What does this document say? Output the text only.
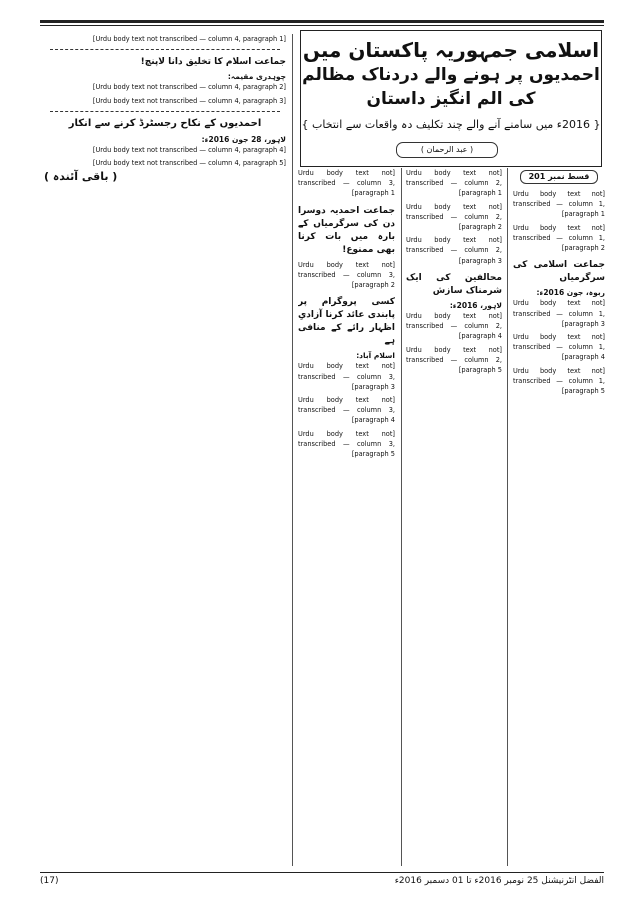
قسط نمبر 201

[Urdu body text not transcribed — column 1, paragraph 1]

[Urdu body text not transcribed — column 1, paragraph 2]

جماعت اسلامی کی سرگرمیاں
ربوہ، جون 2016ء:

[Urdu body text not transcribed — column 1, paragraph 3]

[Urdu body text not transcribed — column 1, paragraph 4]

[Urdu body text not transcribed — column 1, paragraph 5]

اسلامی جمہوریہ پاکستان میں
احمدیوں پر ہونے والے دردناک مظالم کی الم انگیز داستان
{ 2016ء میں سامنے آنے والے چند تکلیف دہ واقعات سے انتخاب }
( عبد الرحمان )

[Urdu body text not transcribed — column 2, paragraph 1]

[Urdu body text not transcribed — column 2, paragraph 2]

[Urdu body text not transcribed — column 2, paragraph 3]

محالفین کی ایک شرمناک سازش
لاہور، 2016ء:

[Urdu body text not transcribed — column 2, paragraph 4]

[Urdu body text not transcribed — column 2, paragraph 5]

[Urdu body text not transcribed — column 3, paragraph 1]

جماعت احمدیہ دوسرا دن کی سرگرمیاں کے بارہ میں بات کرنا بھی ممنوع!

[Urdu body text not transcribed — column 3, paragraph 2]

کسی پروگرام پر پابندی عائد کرنا آزادیِ اظہار رائے کے منافی ہے
اسلام آباد:

[Urdu body text not transcribed — column 3, paragraph 3]

[Urdu body text not transcribed — column 3, paragraph 4]

[Urdu body text not transcribed — column 3, paragraph 5]

[Urdu body text not transcribed — column 4, paragraph 1]

جماعت اسلام کا تخلیق دانا لاپنچ!
چوہدری مقیمہ:

[Urdu body text not transcribed — column 4, paragraph 2]

[Urdu body text not transcribed — column 4, paragraph 3]

احمدیوں کے نکاح رجسٹرڈ کرنے سے انکار
لاہور، 28 جون 2016ء:

[Urdu body text not transcribed — column 4, paragraph 4]

[Urdu body text not transcribed — column 4, paragraph 5]

( باقی آئندہ )
الفضل انٹرنیشنل 25 نومبر 2016ء تا 01 دسمبر 2016ء
(17)
